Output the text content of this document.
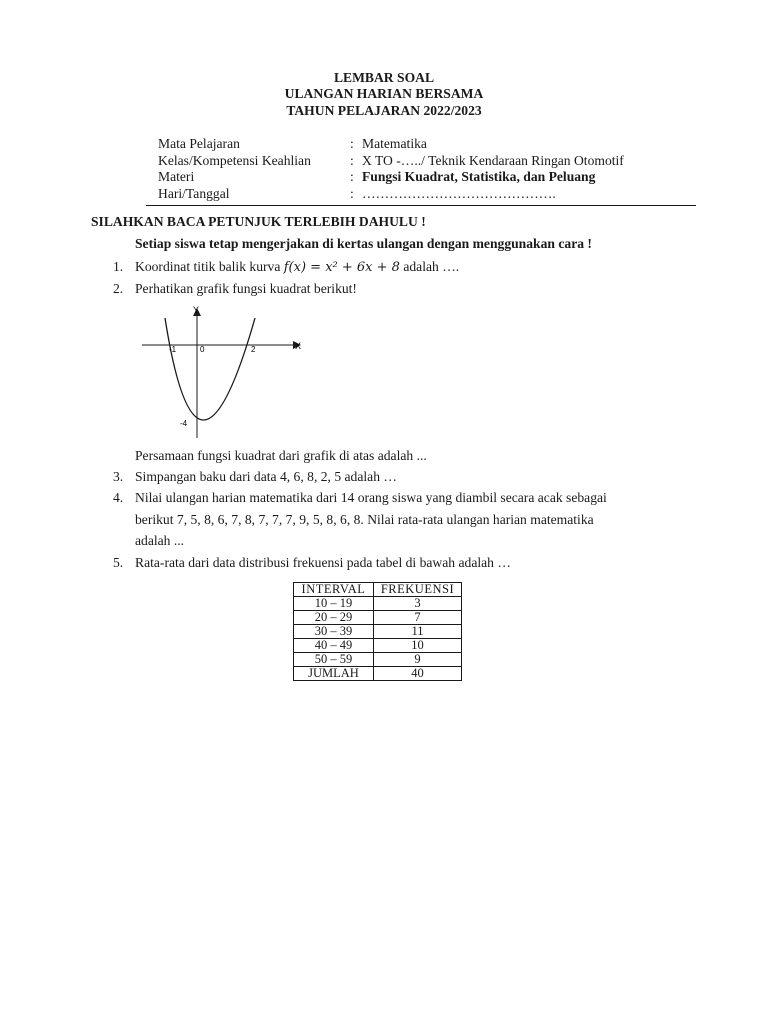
LEMBAR SOAL
ULANGAN HARIAN BERSAMA
TAHUN PELAJARAN 2022/2023
Mata Pelajaran	: Matematika
Kelas/Kompetensi Keahlian	: X TO -…../ Teknik Kendaraan Ringan Otomotif
Materi	: Fungsi Kuadrat, Statistika, dan Peluang
Hari/Tanggal	: …………………………………….
SILAHKAN BACA PETUNJUK TERLEBIH DAHULU !
Setiap siswa tetap mengerjakan di kertas ulangan dengan menggunakan cara !
1. Koordinat titik balik kurva f(x) = x² + 6x + 8 adalah ….
2. Perhatikan grafik fungsi kuadrat berikut!
Y
X
-1	0	2
-4
Persamaan fungsi kuadrat dari grafik di atas adalah ...
3. Simpangan baku dari data 4, 6, 8, 2, 5 adalah …
4. Nilai ulangan harian matematika dari 14 orang siswa yang diambil secara acak sebagai
berikut 7, 5, 8, 6, 7, 8, 7, 7, 7, 9, 5, 8, 6, 8. Nilai rata-rata ulangan harian matematika
adalah ...
5. Rata-rata dari data distribusi frekuensi pada tabel di bawah adalah …
INTERVAL	FREKUENSI
10 – 19	3
20 – 29	7
30 – 39	11
40 – 49	10
50 – 59	9
JUMLAH	40
